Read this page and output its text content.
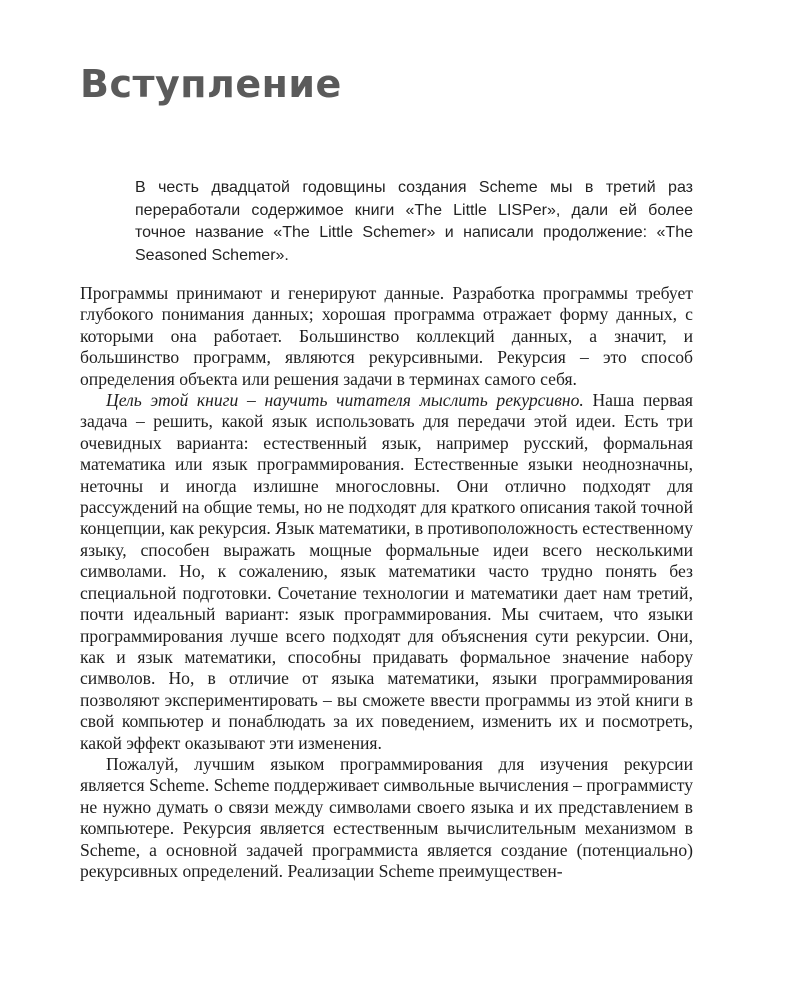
Вступление

В честь двадцатой годовщины создания Scheme мы в третий раз переработали содержимое книги «The Little LISPer», дали ей более точное название «The Little Schemer» и написали продолжение: «The Seasoned Schemer».

Программы принимают и генерируют данные. Разработка программы требует глубокого понимания данных; хорошая программа отражает форму данных, с которыми она работает. Большинство коллекций данных, а значит, и большинство программ, являются рекурсивными. Рекурсия – это способ определения объекта или решения задачи в терминах самого себя.

Цель этой книги – научить читателя мыслить рекурсивно. Наша первая задача – решить, какой язык использовать для передачи этой идеи. Есть три очевидных варианта: естественный язык, например русский, формальная математика или язык программирования. Естественные языки неоднозначны, неточны и иногда излишне многословны. Они отлично подходят для рассуждений на общие темы, но не подходят для краткого описания такой точной концепции, как рекурсия. Язык математики, в противоположность естественному языку, способен выражать мощные формальные идеи всего несколькими символами. Но, к сожалению, язык математики часто трудно понять без специальной подготовки. Сочетание технологии и математики дает нам третий, почти идеальный вариант: язык программирования. Мы считаем, что языки программирования лучше всего подходят для объяснения сути рекурсии. Они, как и язык математики, способны придавать формальное значение набору символов. Но, в отличие от языка математики, языки программирования позволяют экспериментировать – вы сможете ввести программы из этой книги в свой компьютер и понаблюдать за их поведением, изменить их и посмотреть, какой эффект оказывают эти изменения.

Пожалуй, лучшим языком программирования для изучения рекурсии является Scheme. Scheme поддерживает символьные вычисления – программисту не нужно думать о связи между символами своего языка и их представлением в компьютере. Рекурсия является естественным вычислительным механизмом в Scheme, а основной задачей программиста является создание (потенциально) рекурсивных определений. Реализации Scheme преимуществен-
